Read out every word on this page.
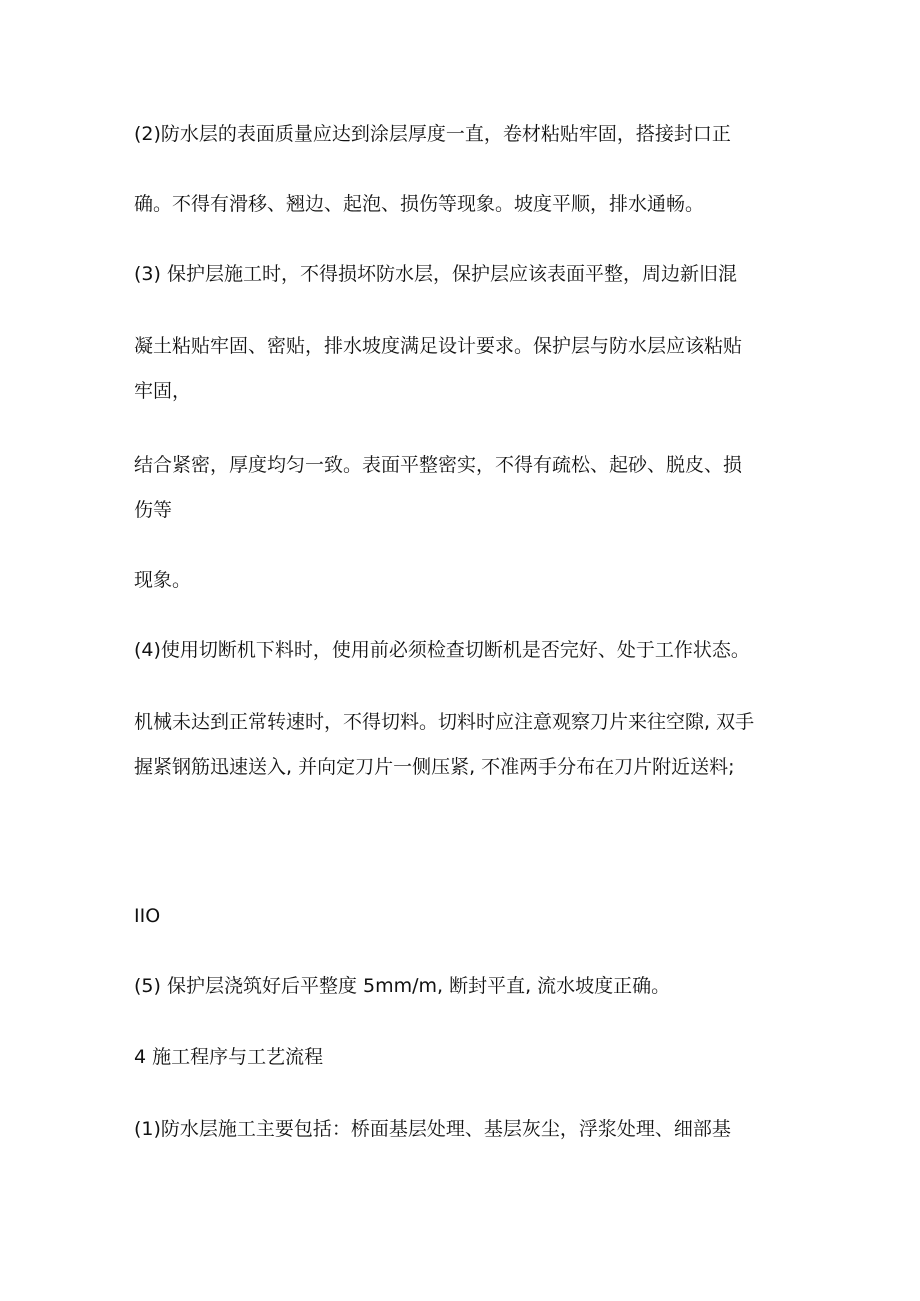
(2)防水层的表面质量应达到涂层厚度一直，卷材粘贴牢固，搭接封口正

确。不得有滑移、翘边、起泡、损伤等现象。坡度平顺，排水通畅。

(3) 保护层施工时，不得损坏防水层，保护层应该表面平整，周边新旧混

凝土粘贴牢固、密贴，排水坡度满足设计要求。保护层与防水层应该粘贴

牢固，

结合紧密，厚度均匀一致。表面平整密实，不得有疏松、起砂、脱皮、损

伤等

现象。

(4)使用切断机下料时，使用前必须检查切断机是否完好、处于工作状态。

机械未达到正常转速时，不得切料。切料时应注意观察刀片来往空隙, 双手

握紧钢筋迅速送入, 并向定刀片一侧压紧, 不准两手分布在刀片附近送料;

IIO

(5) 保护层浇筑好后平整度 5mm∕m, 断封平直, 流水坡度正确。

4 施工程序与工艺流程

(1)防水层施工主要包括：桥面基层处理、基层灰尘，浮浆处理、细部基
